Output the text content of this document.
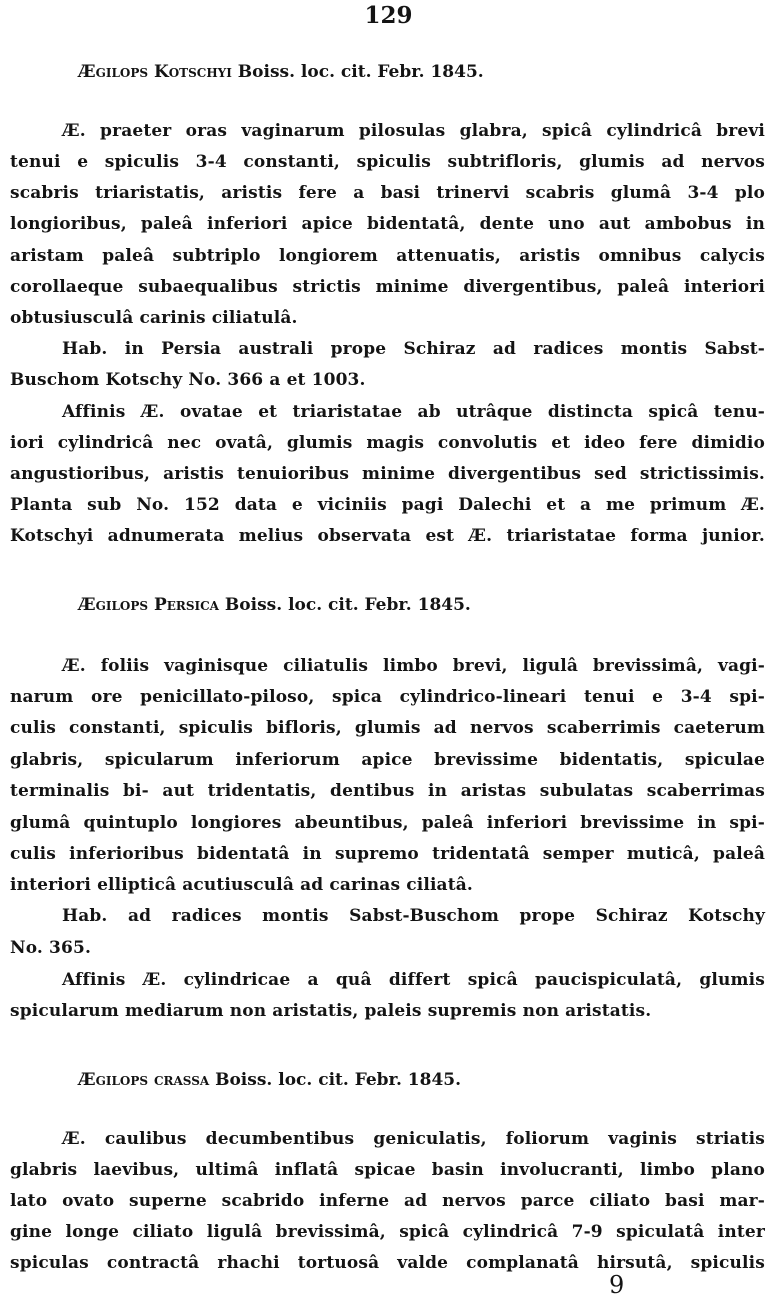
129
Ægilops Kotschyi Boiss. loc. cit. Febr. 1845.
Æ. praeter oras vaginarum pilosulas glabra, spicâ cylindricâ brevi
tenui e spiculis 3-4 constanti, spiculis subtrifloris, glumis ad nervos
scabris triaristatis, aristis fere a basi trinervi scabris glumâ 3-4 plo
longioribus, paleâ inferiori apice bidentatâ, dente uno aut ambobus in
aristam paleâ subtriplo longiorem attenuatis, aristis omnibus calycis
corollaeque subaequalibus strictis minime divergentibus, paleâ interiori
obtusiusculâ carinis ciliatulâ.
Hab. in Persia australi prope Schiraz ad radices montis Sabst-
Buschom Kotschy No. 366 a et 1003.
Affinis Æ. ovatae et triaristatae ab utrâque distincta spicâ tenu-
iori cylindricâ nec ovatâ, glumis magis convolutis et ideo fere dimidio
angustioribus, aristis tenuioribus minime divergentibus sed strictissimis.
Planta sub No. 152 data e viciniis pagi Dalechi et a me primum Æ.
Kotschyi adnumerata melius observata est Æ. triaristatae forma junior.
Ægilops Persica Boiss. loc. cit. Febr. 1845.
Æ. foliis vaginisque ciliatulis limbo brevi, ligulâ brevissimâ, vagi-
narum ore penicillato-piloso, spica cylindrico-lineari tenui e 3-4 spi-
culis constanti, spiculis bifloris, glumis ad nervos scaberrimis caeterum
glabris, spicularum inferiorum apice brevissime bidentatis, spiculae
terminalis bi- aut tridentatis, dentibus in aristas subulatas scaberrimas
glumâ quintuplo longiores abeuntibus, paleâ inferiori brevissime in spi-
culis inferioribus bidentatâ in supremo tridentatâ semper muticâ, paleâ
interiori ellipticâ acutiusculâ ad carinas ciliatâ.
Hab. ad radices montis Sabst-Buschom prope Schiraz Kotschy
No. 365.
Affinis Æ. cylindricae a quâ differt spicâ paucispiculatâ, glumis
spicularum mediarum non aristatis, paleis supremis non aristatis.
Ægilops crassa Boiss. loc. cit. Febr. 1845.
Æ. caulibus decumbentibus geniculatis, foliorum vaginis striatis
glabris laevibus, ultimâ inflatâ spicae basin involucranti, limbo plano
lato ovato superne scabrido inferne ad nervos parce ciliato basi mar-
gine longe ciliato ligulâ brevissimâ, spicâ cylindricâ 7-9 spiculatâ inter
spiculas contractâ rhachi tortuosâ valde complanatâ hirsutâ, spiculis
9
